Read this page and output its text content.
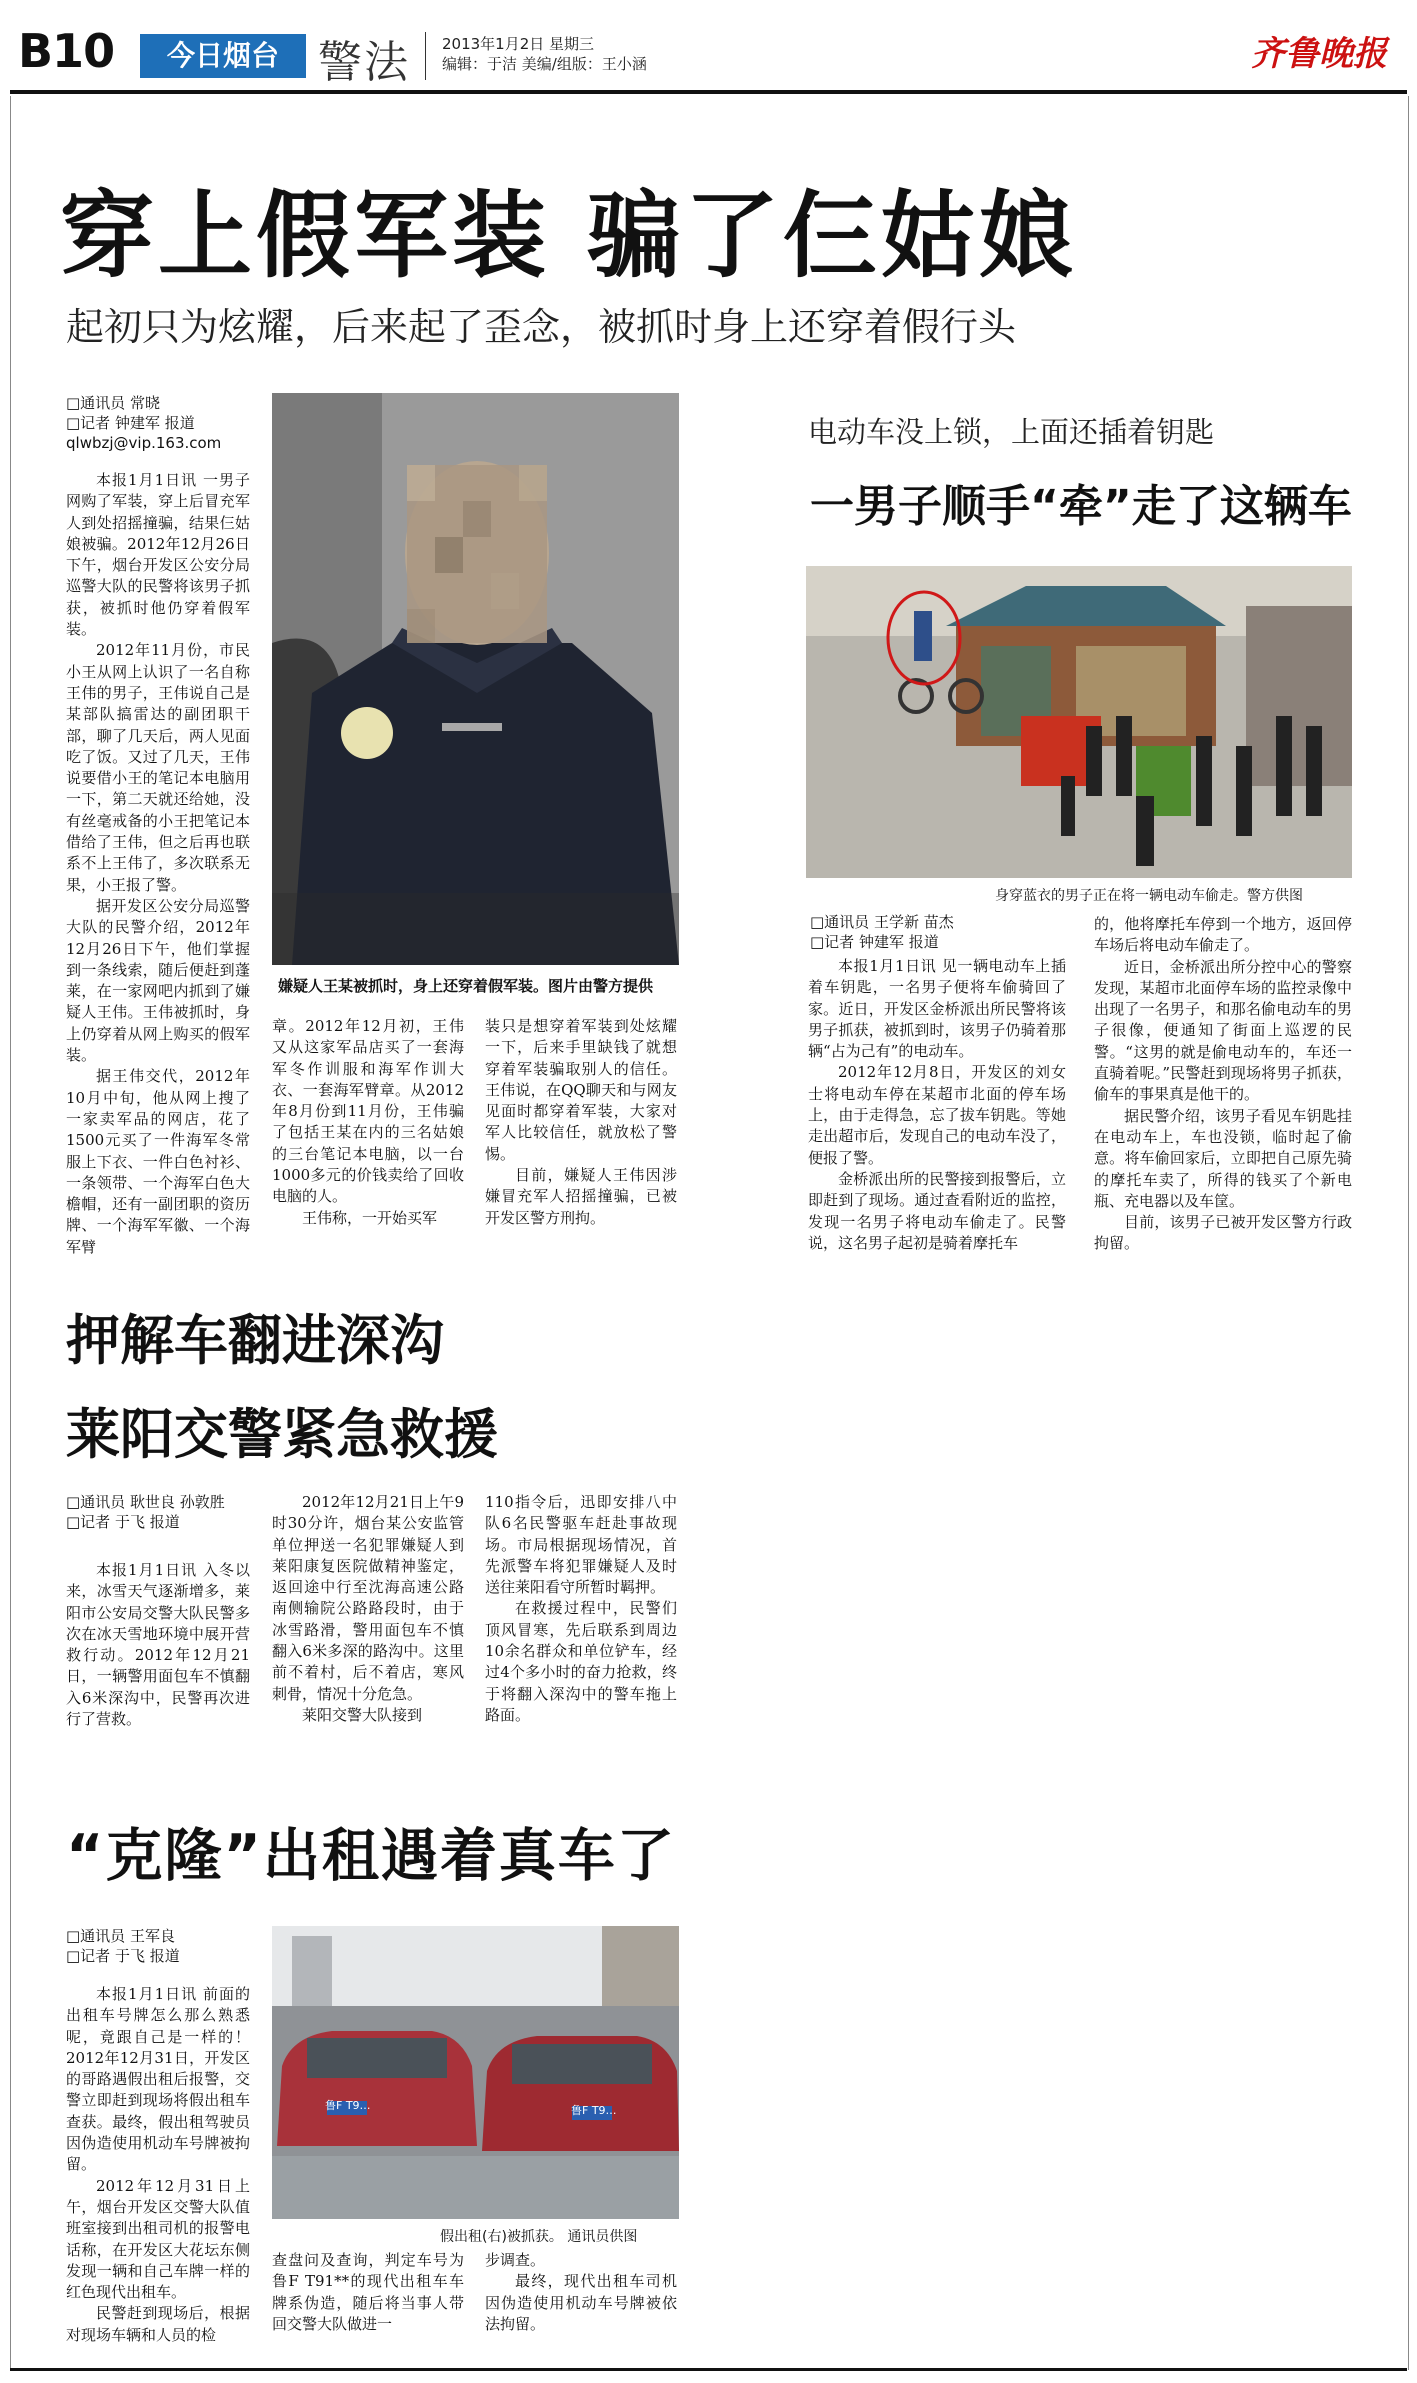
B10	今日烟台 警法 2013年1月2日 星期三
编辑：于洁 美编/组版：王小涵	齐鲁晚报
穿上假军装 骗了仨姑娘
起初只为炫耀，后来起了歪念，被抓时身上还穿着假行头
□通讯员 常晓
□记者 钟建军 报道
qlwbzj@vip.163.com

本报1月1日讯 一男子网购了军装，穿上后冒充军人到处招摇撞骗，结果仨姑娘被骗。2012年12月26日下午，烟台开发区公安分局巡警大队的民警将该男子抓获，被抓时他仍穿着假军装。

2012年11月份，市民小王从网上认识了一名自称王伟的男子，王伟说自己是某部队搞雷达的副团职干部，聊了几天后，两人见面吃了饭。又过了几天，王伟说要借小王的笔记本电脑用一下，第二天就还给她，没有丝毫戒备的小王把笔记本借给了王伟，但之后再也联系不上王伟了，多次联系无果，小王报了警。

据开发区公安分局巡警大队的民警介绍，2012年12月26日下午，他们掌握到一条线索，随后便赶到蓬莱，在一家网吧内抓到了嫌疑人王伟。王伟被抓时，身上仍穿着从网上购买的假军装。

据王伟交代，2012年10月中旬，他从网上搜了一家卖军品的网店，花了1500元买了一件海军冬常服上下衣、一件白色衬衫、一条领带、一个海军白色大檐帽，还有一副团职的资历牌、一个海军军徽、一个海军臂

嫌疑人王某被抓时，身上还穿着假军装。图片由警方提供

章。2012年12月初，王伟又从这家军品店买了一套海军冬作训服和海军作训大衣、一套海军臂章。从2012年8月份到11月份，王伟骗了包括王某在内的三名姑娘的三台笔记本电脑，以一台1000多元的价钱卖给了回收电脑的人。

王伟称，一开始买军

装只是想穿着军装到处炫耀一下，后来手里缺钱了就想穿着军装骗取别人的信任。王伟说，在QQ聊天和与网友见面时都穿着军装，大家对军人比较信任，就放松了警惕。

目前，嫌疑人王伟因涉嫌冒充军人招摇撞骗，已被开发区警方刑拘。

电动车没上锁，上面还插着钥匙
一男子顺手“牵”走了这辆车
身穿蓝衣的男子正在将一辆电动车偷走。警方供图
□通讯员 王学新 苗杰
□记者 钟建军 报道

本报1月1日讯 见一辆电动车上插着车钥匙，一名男子便将车偷骑回了家。近日，开发区金桥派出所民警将该男子抓获，被抓到时，该男子仍骑着那辆“占为己有”的电动车。

2012年12月8日，开发区的刘女士将电动车停在某超市北面的停车场上，由于走得急，忘了拔车钥匙。等她走出超市后，发现自己的电动车没了，便报了警。

金桥派出所的民警接到报警后，立即赶到了现场。通过查看附近的监控，发现一名男子将电动车偷走了。民警说，这名男子起初是骑着摩托车

的，他将摩托车停到一个地方，返回停车场后将电动车偷走了。

近日，金桥派出所分控中心的警察发现，某超市北面停车场的监控录像中出现了一名男子，和那名偷电动车的男子很像，便通知了街面上巡逻的民警。“这男的就是偷电动车的，车还一直骑着呢。”民警赶到现场将男子抓获，偷车的事果真是他干的。

据民警介绍，该男子看见车钥匙挂在电动车上，车也没锁，临时起了偷意。将车偷回家后，立即把自己原先骑的摩托车卖了，所得的钱买了个新电瓶、充电器以及车筐。

目前，该男子已被开发区警方行政拘留。

押解车翻进深沟
莱阳交警紧急救援
□通讯员 耿世良 孙敦胜
□记者 于飞 报道

本报1月1日讯 入冬以来，冰雪天气逐渐增多，莱阳市公安局交警大队民警多次在冰天雪地环境中展开营救行动。2012年12月21日，一辆警用面包车不慎翻入6米深沟中，民警再次进行了营救。

2012年12月21日上午9时30分许，烟台某公安监管单位押送一名犯罪嫌疑人到莱阳康复医院做精神鉴定，返回途中行至沈海高速公路南侧输院公路路段时，由于冰雪路滑，警用面包车不慎翻入6米多深的路沟中。这里前不着村，后不着店，寒风刺骨，情况十分危急。

莱阳交警大队接到

110指令后，迅即安排八中队6名民警驱车赶赴事故现场。市局根据现场情况，首先派警车将犯罪嫌疑人及时送往莱阳看守所暂时羁押。

在救援过程中，民警们顶风冒寒，先后联系到周边10余名群众和单位铲车，经过4个多小时的奋力抢救，终于将翻入深沟中的警车拖上路面。

“克隆”出租遇着真车了
□通讯员 王军良
□记者 于飞 报道

本报1月1日讯 前面的出租车号牌怎么那么熟悉呢，竟跟自己是一样的！2012年12月31日，开发区的哥路遇假出租后报警，交警立即赶到现场将假出租车查获。最终，假出租驾驶员因伪造使用机动车号牌被拘留。

2012年12月31日上午，烟台开发区交警大队值班室接到出租司机的报警电话称，在开发区大花坛东侧发现一辆和自己车牌一样的红色现代出租车。

民警赶到现场后，根据对现场车辆和人员的检

鲁F T9…	鲁F T9…
假出租(右)被抓获。 通讯员供图

查盘问及查询，判定车号为鲁F T91**的现代出租车车牌系伪造，随后将当事人带回交警大队做进一

步调查。

最终，现代出租车司机因伪造使用机动车号牌被依法拘留。
